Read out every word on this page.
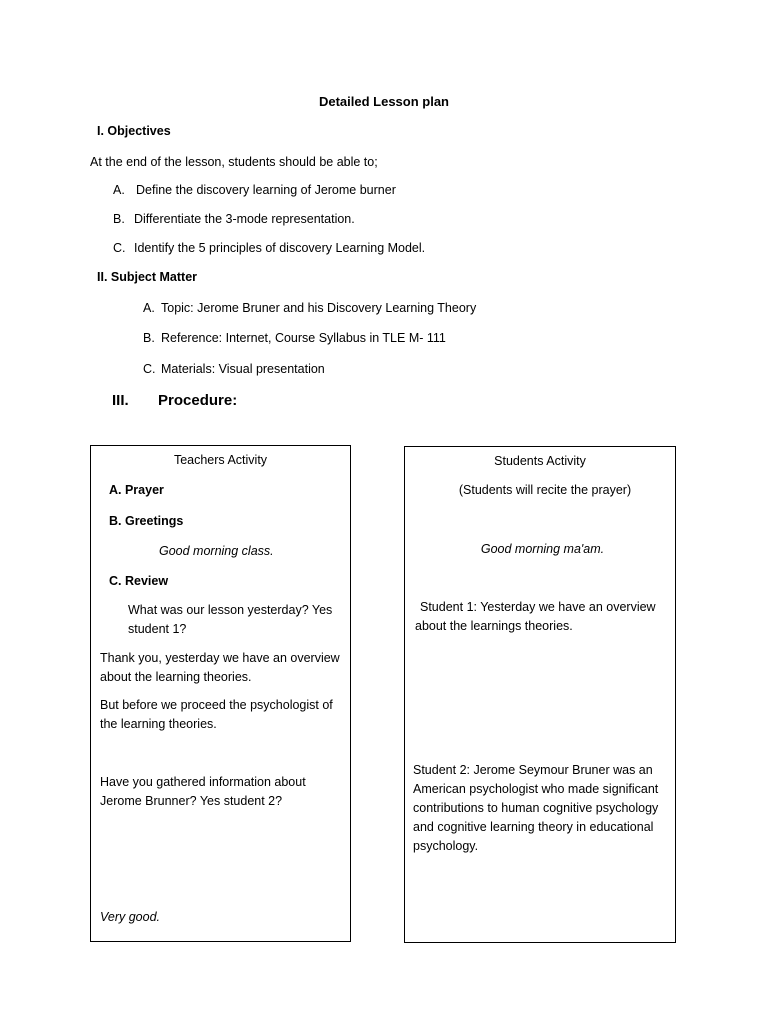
Detailed Lesson plan
I. Objectives
At the end of the lesson, students should be able to;
A. Define the discovery learning of Jerome burner
B. Differentiate the 3-mode representation.
C. Identify the 5 principles of discovery Learning Model.
II. Subject Matter
A. Topic: Jerome Bruner and his Discovery Learning Theory
B. Reference: Internet, Course Syllabus in TLE M- 111
C. Materials: Visual presentation
III. Procedure:
Teachers Activity
A. Prayer
B. Greetings
Good morning class.
C. Review
What was our lesson yesterday? Yes student 1?
Thank you, yesterday we have an overview about the learning theories.
But before we proceed the psychologist of the learning theories.
Have you gathered information about Jerome Brunner? Yes student 2?
Very good.
Students Activity
(Students will recite the prayer)
Good morning ma'am.
Student 1: Yesterday we have an overview about the learnings theories.
Student 2: Jerome Seymour Bruner was an American psychologist who made significant contributions to human cognitive psychology and cognitive learning theory in educational psychology.
